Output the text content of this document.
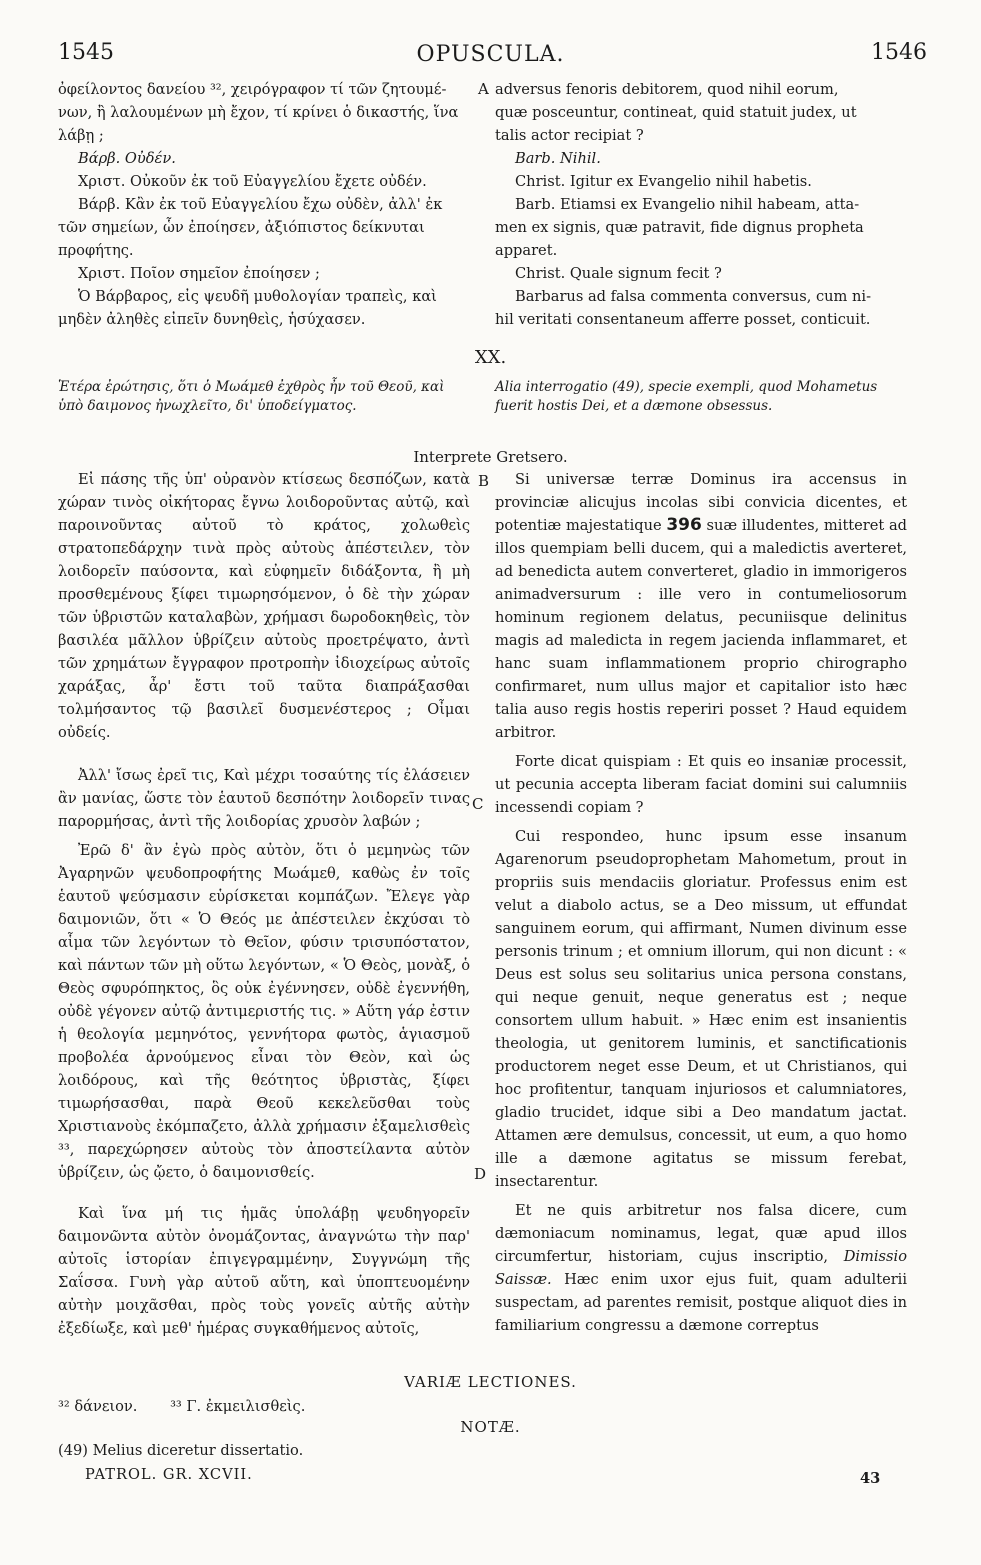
1545	OPUSCULA.	1546
ὀφείλοντος δανείου ³², χειρόγραφον τί τῶν ζητουμέ-
νων, ἢ λαλουμένων μὴ ἔχον, τί κρίνει ὁ δικαστής, ἵνα
λάβῃ ;
Βάρβ. Οὐδέν.
Χριστ. Οὐκοῦν ἐκ τοῦ Εὐαγγελίου ἔχετε οὐδέν.
Βάρβ. Κἂν ἐκ τοῦ Εὐαγγελίου ἔχω οὐδὲν, ἀλλ' ἐκ
τῶν σημείων, ὧν ἐποίησεν, ἀξιόπιστος δείκνυται
προφήτης.
Χριστ. Ποῖον σημεῖον ἐποίησεν ;
Ὁ Βάρβαρος, εἰς ψευδῆ μυθολογίαν τραπεὶς, καὶ
μηδὲν ἀληθὲς εἰπεῖν δυνηθεὶς, ἡσύχασεν.
A adversus fenoris debitorem, quod nihil eorum,
quæ posceuntur, contineat, quid statuit judex, ut
talis actor recipiat ?
Barb. Nihil.
Christ. Igitur ex Evangelio nihil habetis.
Barb. Etiamsi ex Evangelio nihil habeam, atta-
men ex signis, quæ patravit, fide dignus propheta
apparet.
Christ. Quale signum fecit ?
Barbarus ad falsa commenta conversus, cum ni-
hil veritati consentaneum afferre posset, conticuit.
XX.
Ἑτέρα ἐρώτησις, ὅτι ὁ Μωάμεθ ἐχθρὸς ἦν τοῦ Θεοῦ, καὶ ὑπὸ δαιμονος ἠνωχλεῖτο, δι' ὑποδείγματος.
Alia interrogatio (49), specie exempli, quod Mohametus fuerit hostis Dei, et a dæmone obsessus.
Interprete Gretsero.

Εἰ πάσης τῆς ὑπ' οὐρανὸν κτίσεως δεσπόζων, κατὰ χώραν τινὸς οἰκήτορας ἔγνω λοιδοροῦντας αὐτῷ, καὶ παροινοῦντας αὐτοῦ τὸ κράτος, χολωθεὶς στρατοπεδάρχην τινὰ πρὸς αὐτοὺς ἀπέστειλεν, τὸν λοιδορεῖν παύσοντα, καὶ εὐφημεῖν διδάξοντα, ἢ μὴ προσθεμένους ξίφει τιμωρησόμενον, ὁ δὲ τὴν χώραν τῶν ὑβριστῶν καταλαβὼν, χρήμασι δωροδοκηθεὶς, τὸν βασιλέα μᾶλλον ὑβρίζειν αὐτοὺς προετρέψατο, ἀντὶ τῶν χρημάτων ἔγγραφον προτροπὴν ἰδιοχείρως αὐτοῖς χαράξας, ἆρ' ἔστι τοῦ ταῦτα διαπράξασθαι τολμήσαντος τῷ βασιλεῖ δυσμενέστερος ; Οἶμαι οὐδείς.

Ἀλλ' ἴσως ἐρεῖ τις, Καὶ μέχρι τοσαύτης τίς ἐλάσειεν ἂν μανίας, ὥστε τὸν ἑαυτοῦ δεσπότην λοιδορεῖν τινας παρορμήσας, ἀντὶ τῆς λοιδορίας χρυσὸν λαβών ;

Ἐρῶ δ' ἂν ἐγὼ πρὸς αὐτὸν, ὅτι ὁ μεμηνὼς τῶν Ἀγαρηνῶν ψευδοπροφήτης Μωάμεθ, καθὼς ἐν τοῖς ἑαυτοῦ ψεύσμασιν εὑρίσκεται κομπάζων. Ἔλεγε γὰρ δαιμονιῶν, ὅτι « Ὁ Θεός με ἀπέστειλεν ἐκχύσαι τὸ αἷμα τῶν λεγόντων τὸ Θεῖον, φύσιν τρισυπόστατον, καὶ πάντων τῶν μὴ οὕτω λεγόντων, « Ὁ Θεὸς, μονὰξ, ὁ Θεὸς σφυρόπηκτος, ὃς οὐκ ἐγέννησεν, οὐδὲ ἐγεννήθη, οὐδὲ γέγονεν αὐτῷ ἀντιμεριστής τις. » Αὕτη γάρ ἐστιν ἡ θεολογία μεμηνότος, γεννήτορα φωτὸς, ἁγιασμοῦ προβολέα ἀρνούμενος εἶναι τὸν Θεὸν, καὶ ὡς λοιδόρους, καὶ τῆς θεότητος ὑβριστὰς, ξίφει τιμωρήσασθαι, παρὰ Θεοῦ κεκελεῦσθαι τοὺς Χριστιανοὺς ἐκόμπαζετο, ἀλλὰ χρήμασιν ἐξαμελισθεὶς ³³, παρεχώρησεν αὐτοὺς τὸν ἀποστείλαντα αὐτὸν ὑβρίζειν, ὡς ᾤετο, ὁ δαιμονισθείς.

Καὶ ἵνα μή τις ἡμᾶς ὑπολάβῃ ψευδηγορεῖν δαιμονῶντα αὐτὸν ὀνομάζοντας, ἀναγνώτω τὴν παρ' αὐτοῖς ἱστορίαν ἐπιγεγραμμένην, Συγγνώμη τῆς Σαΐσσα. Γυνὴ γὰρ αὐτοῦ αὕτη, καὶ ὑποπτευομένην αὐτὴν μοιχᾶσθαι, πρὸς τοὺς γονεῖς αὐτῆς αὐτὴν ἐξεδίωξε, καὶ μεθ' ἡμέρας συγκαθήμενος αὐτοῖς,

B
C
D

Si universæ terræ Dominus ira accensus in provinciæ alicujus incolas sibi convicia dicentes, et potentiæ majestatique 396 suæ illudentes, mitteret ad illos quempiam belli ducem, qui a maledictis averteret, ad benedicta autem converteret, gladio in immorigeros animadversurum : ille vero in contumeliosorum hominum regionem delatus, pecuniisque delinitus magis ad maledicta in regem jacienda inflammaret, et hanc suam inflammationem proprio chirographo confirmaret, num ullus major et capitalior isto hæc talia auso regis hostis reperiri posset ? Haud equidem arbitror.

Forte dicat quispiam : Et quis eo insaniæ processit, ut pecunia accepta liberam faciat domini sui calumniis incessendi copiam ?

Cui respondeo, hunc ipsum esse insanum Agarenorum pseudoprophetam Mahometum, prout in propriis suis mendaciis gloriatur. Professus enim est velut a diabolo actus, se a Deo missum, ut effundat sanguinem eorum, qui affirmant, Numen divinum esse personis trinum ; et omnium illorum, qui non dicunt : « Deus est solus seu solitarius unica persona constans, qui neque genuit, neque generatus est ; neque consortem ullum habuit. » Hæc enim est insanientis theologia, ut genitorem luminis, et sanctificationis productorem neget esse Deum, et ut Christianos, qui hoc profitentur, tanquam injuriosos et calumniatores, gladio trucidet, idque sibi a Deo mandatum jactat. Attamen ære demulsus, concessit, ut eum, a quo homo ille a dæmone agitatus se missum ferebat, insectarentur.

Et ne quis arbitretur nos falsa dicere, cum dæmoniacum nominamus, legat, quæ apud illos circumfertur, historiam, cujus inscriptio, Dimissio Saissæ. Hæc enim uxor ejus fuit, quam adulterii suspectam, ad parentes remisit, postque aliquot dies in familiarium congressu a dæmone correptus

VARIÆ LECTIONES.
³² δάνειον. ³³ Γ. ἐκμειλισθεὶς.
NOTÆ.
(49) Melius diceretur dissertatio.
PATROL. GR. XCVII.	43
